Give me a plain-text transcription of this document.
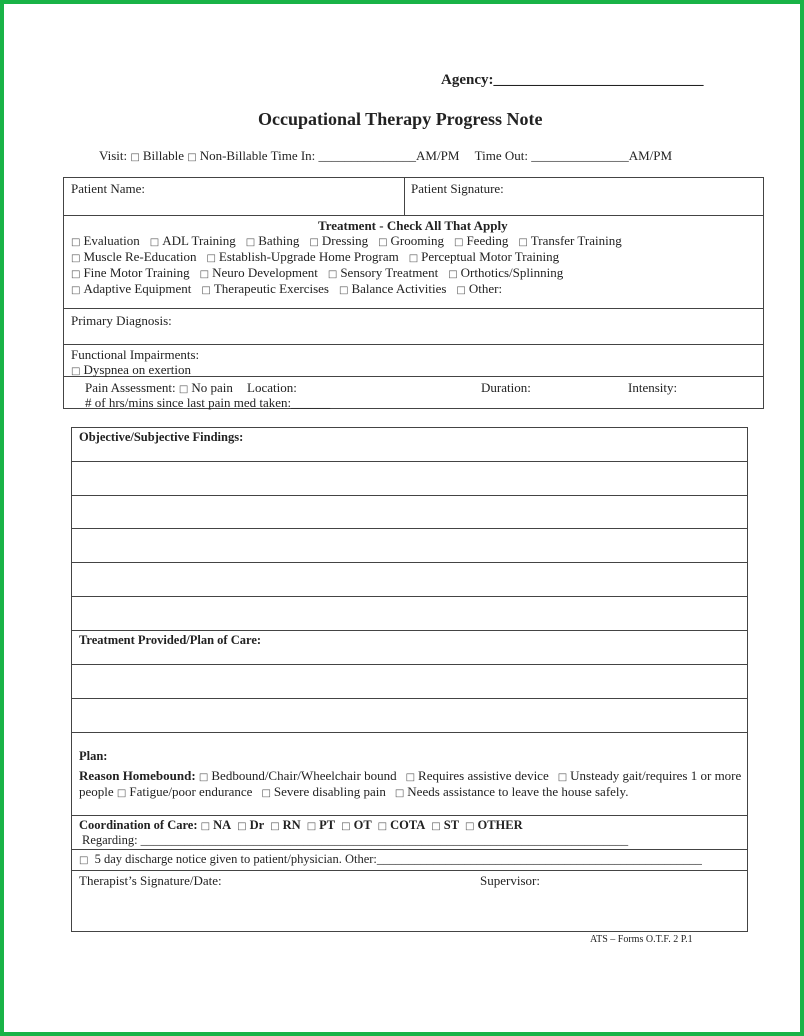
Agency:____________________________
Occupational Therapy Progress Note
Visit: □ Billable □ Non-Billable Time In: _______________AM/PM Time Out: _______________AM/PM
Patient Name:	Patient Signature:
Treatment - Check All That Apply
□ Evaluation □ ADL Training □ Bathing □ Dressing □ Grooming □ Feeding □ Transfer Training
□ Muscle Re-Education □ Establish-Upgrade Home Program □ Perceptual Motor Training
□ Fine Motor Training □ Neuro Development □ Sensory Treatment □ Orthotics/Splinning
□ Adaptive Equipment □ Therapeutic Exercises □ Balance Activities □ Other:
Primary Diagnosis:
Functional Impairments:
□ Dyspnea on exertion
Pain Assessment: □ No pain Location:	Duration:	Intensity:
# of hrs/mins since last pain med taken:______
Objective/Subjective Findings:
Treatment Provided/Plan of Care:
Plan:
Reason Homebound: □ Bedbound/Chair/Wheelchair bound □ Requires assistive device □ Unsteady gait/requires 1 or more
people □ Fatigue/poor endurance □ Severe disabling pain □ Needs assistance to leave the house safely.
Coordination of Care: □ NA □ Dr □ RN □ PT □ OT □ COTA □ ST □ OTHER
Regarding: ______________________________________________________________________________
□ 5 day discharge notice given to patient/physician. Other:____________________________________________________
Therapist’s Signature/Date:	Supervisor:
ATS – Forms O.T.F. 2 P.1
